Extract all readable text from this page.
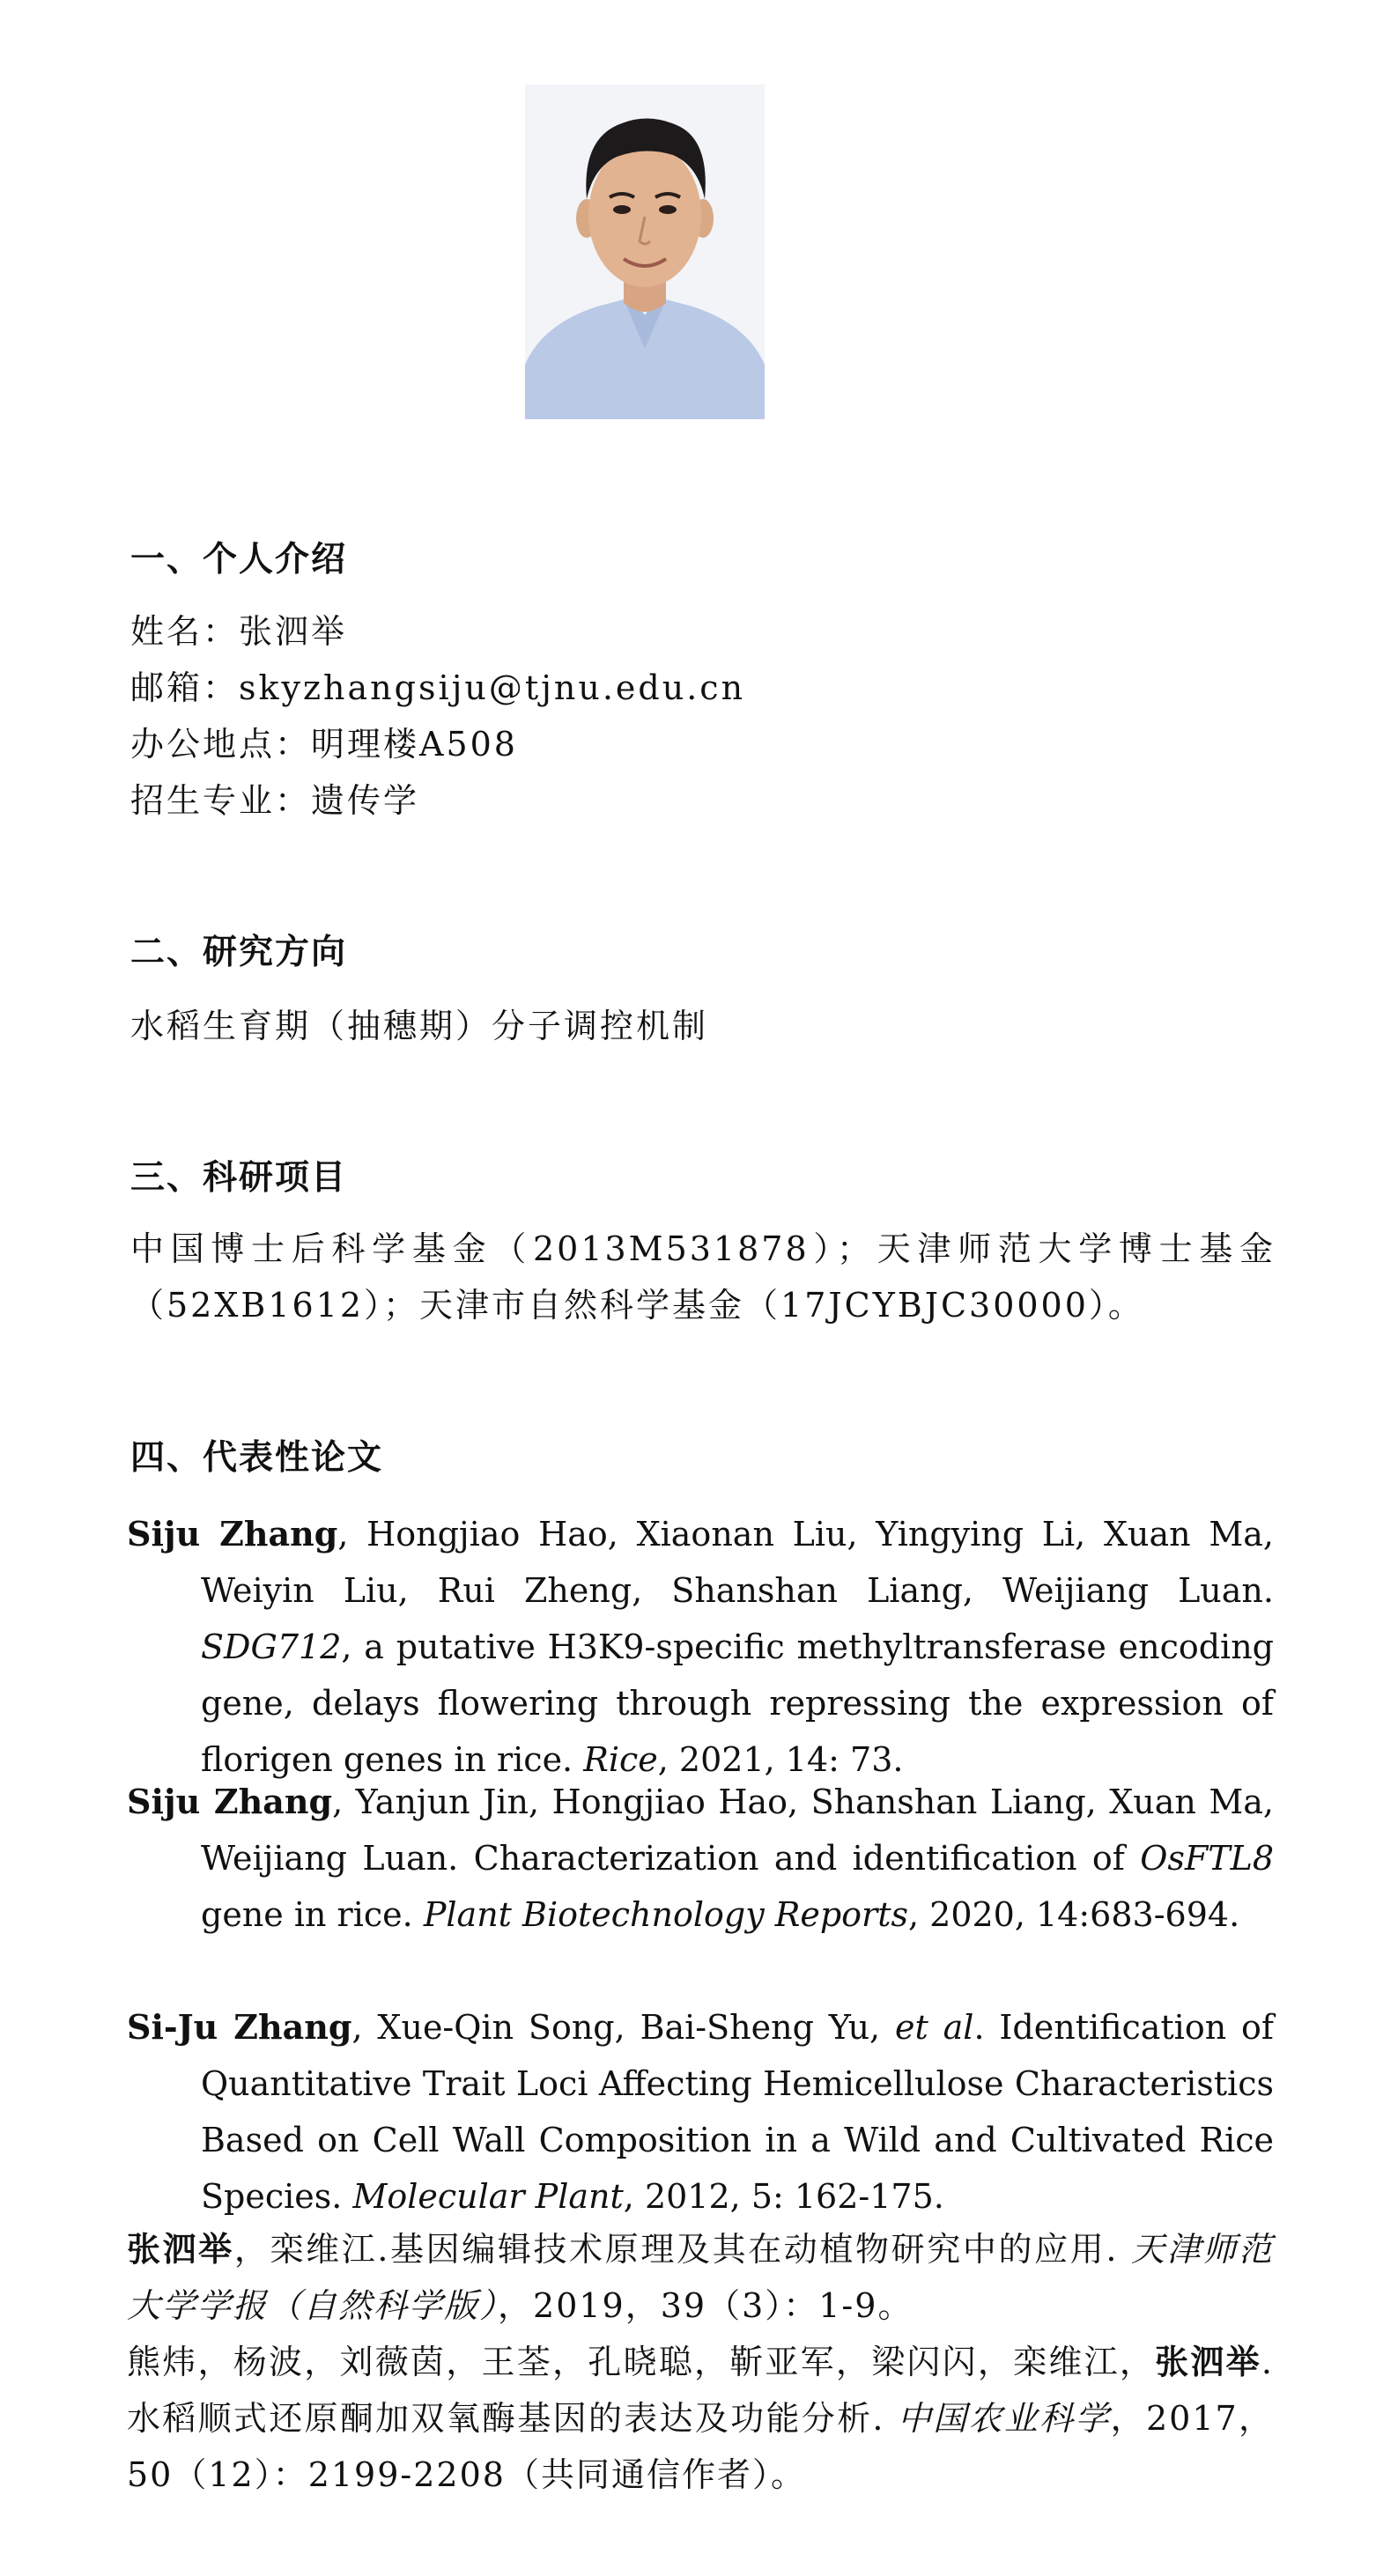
一、个人介绍
姓名：张泗举
邮箱：skyzhangsiju@tjnu.edu.cn
办公地点：明理楼A508
招生专业：遗传学
二、研究方向
水稻生育期（抽穗期）分子调控机制
三、科研项目
中国博士后科学基金（2013M531878）；天津师范大学博士基金（52XB1612）；天津市自然科学基金（17JCYBJC30000）。
四、代表性论文
Siju Zhang, Hongjiao Hao, Xiaonan Liu, Yingying Li, Xuan Ma, Weiyin Liu, Rui Zheng, Shanshan Liang, Weijiang Luan. SDG712, a putative H3K9-specific methyltransferase encoding gene, delays flowering through repressing the expression of florigen genes in rice. Rice, 2021, 14: 73.
Siju Zhang, Yanjun Jin, Hongjiao Hao, Shanshan Liang, Xuan Ma, Weijiang Luan. Characterization and identification of OsFTL8 gene in rice. Plant Biotechnology Reports, 2020, 14:683-694.
Si-Ju Zhang, Xue-Qin Song, Bai-Sheng Yu, et al. Identification of Quantitative Trait Loci Affecting Hemicellulose Characteristics Based on Cell Wall Composition in a Wild and Cultivated Rice Species. Molecular Plant, 2012, 5: 162-175.
张泗举，栾维江.基因编辑技术原理及其在动植物研究中的应用. 天津师范大学学报（自然科学版），2019，39（3）：1-9。
熊炜，杨波，刘薇茵，王荃，孔晓聪，靳亚军，梁闪闪，栾维江，张泗举.水稻顺式还原酮加双氧酶基因的表达及功能分析. 中国农业科学，2017，50（12）：2199-2208（共同通信作者）。
